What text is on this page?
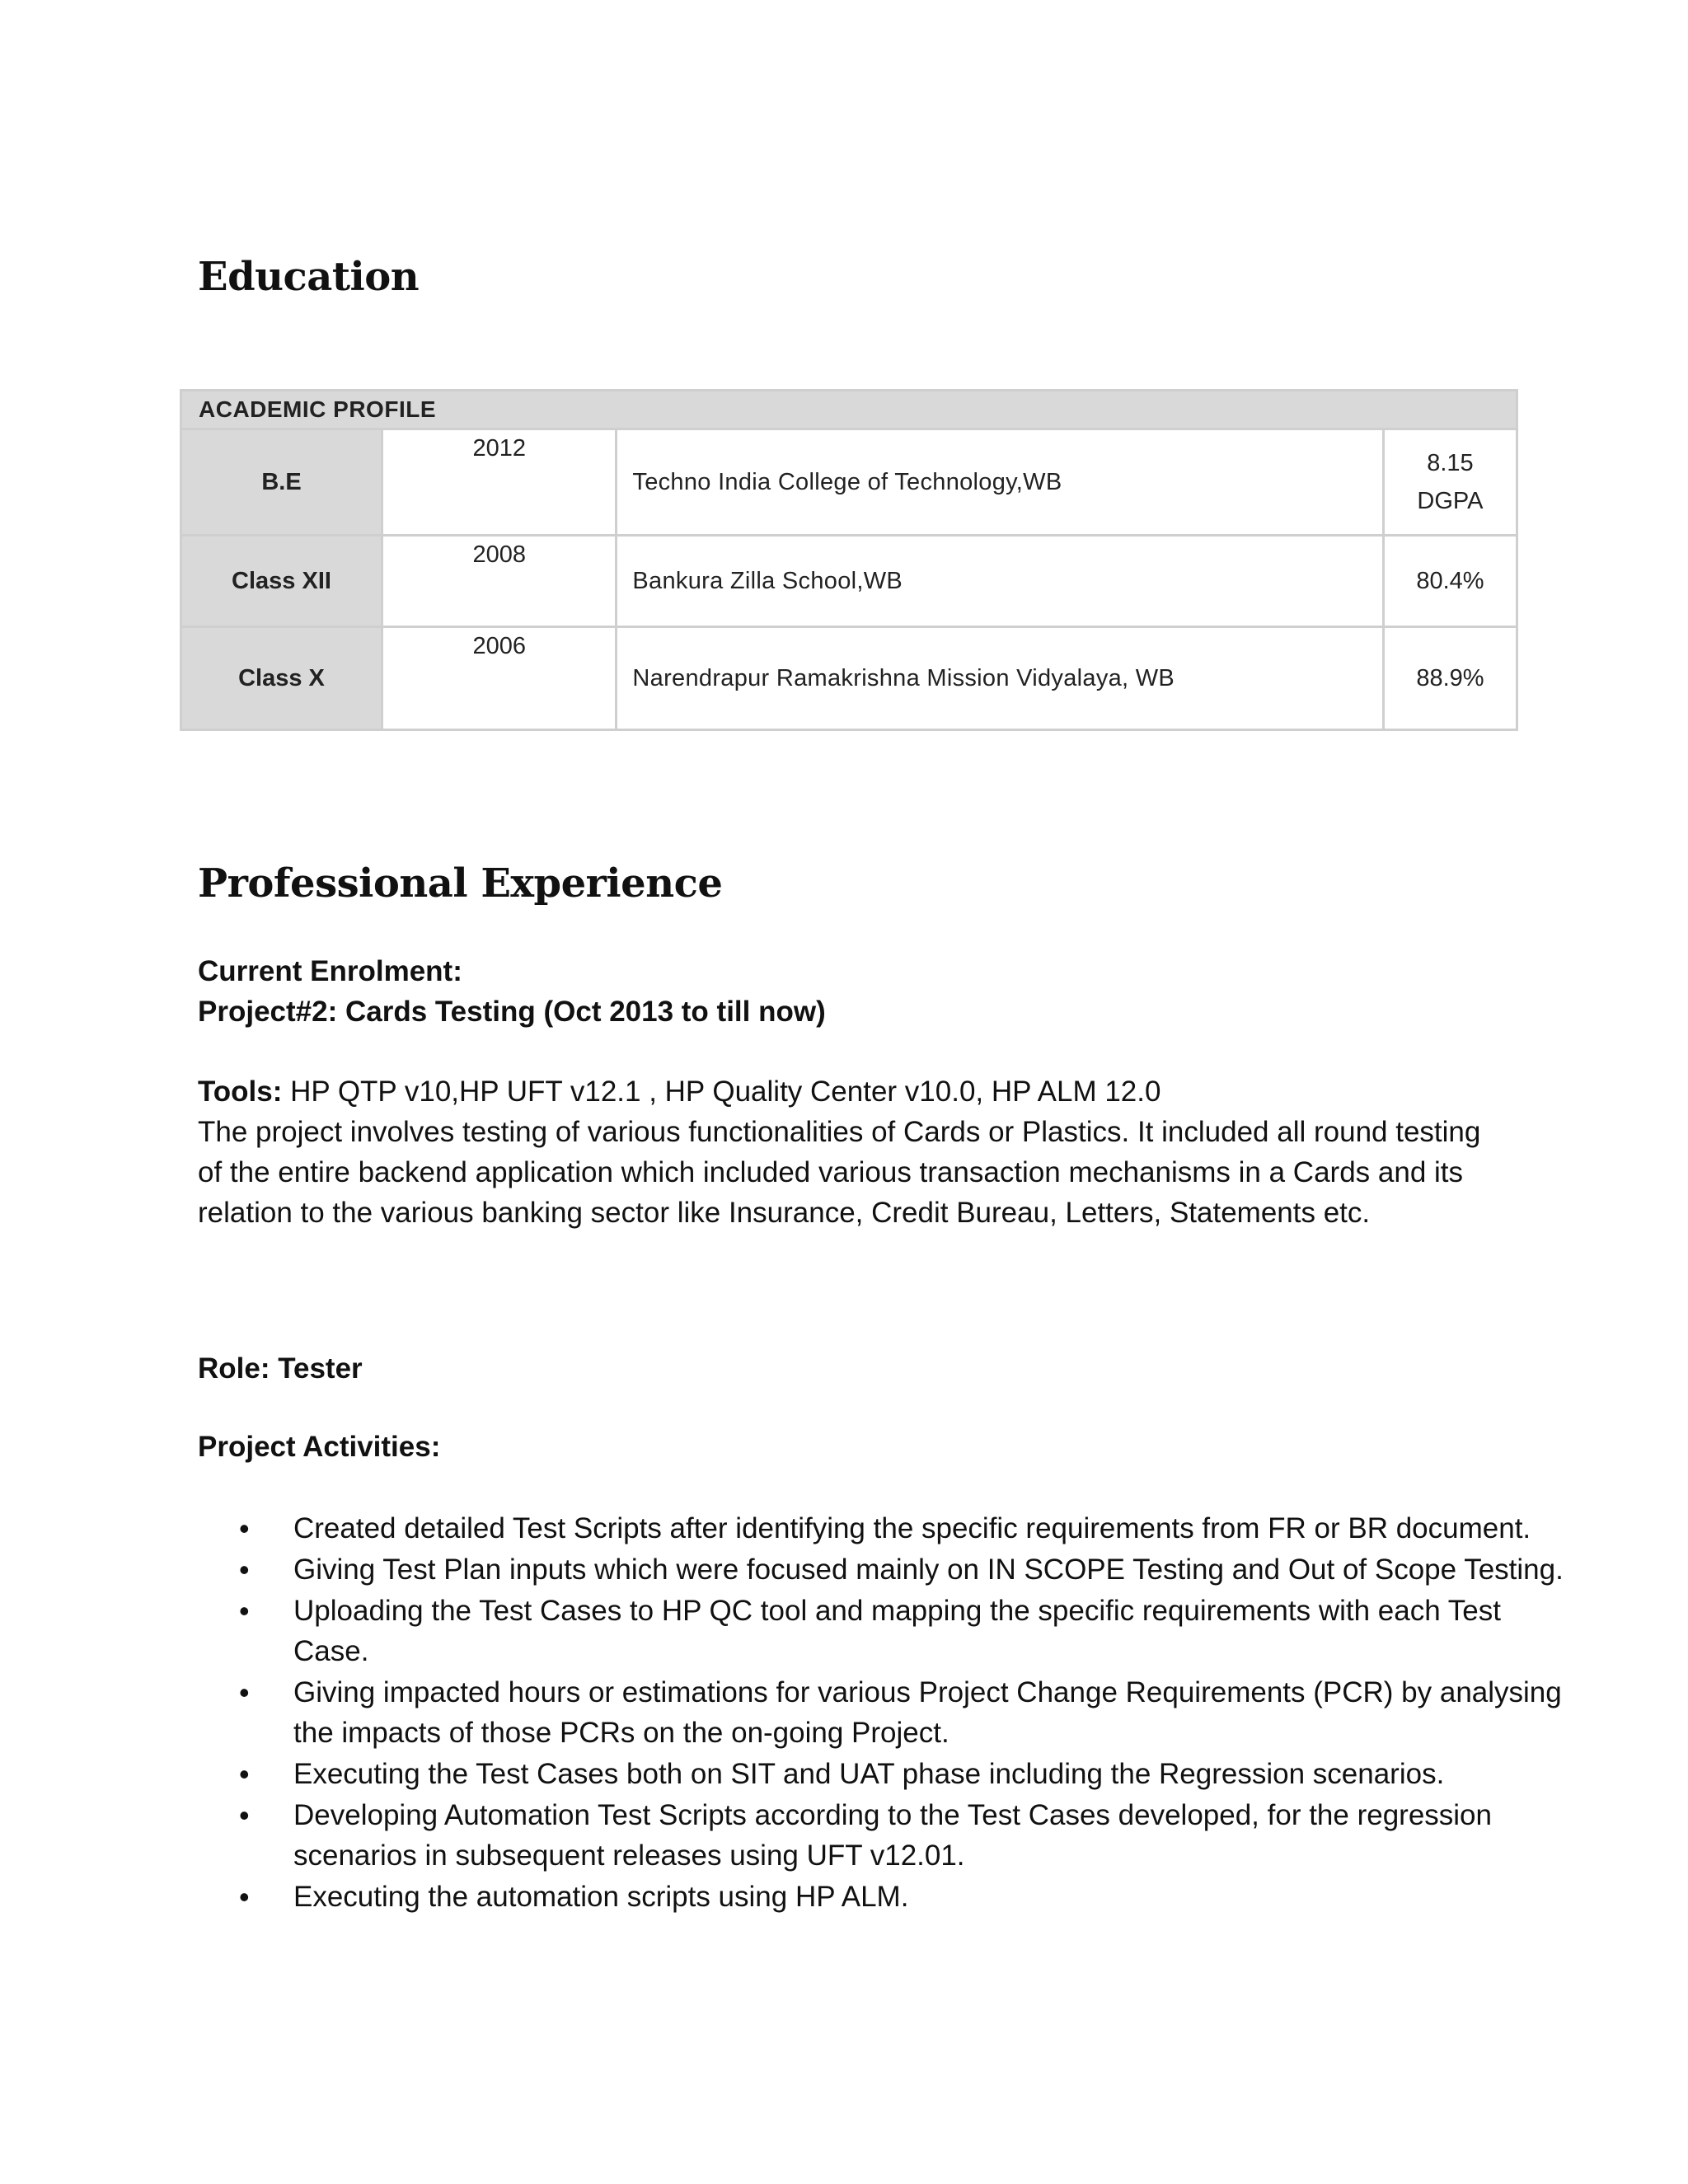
Education
ACADEMIC PROFILE			
B.E	2012	Techno India College of Technology,WB	8.15
DGPA

Class XII	2008	Bankura Zilla School,WB	80.4%
Class X	2006	Narendrapur Ramakrishna Mission Vidyalaya, WB	88.9%
Professional Experience
Current Enrolment:
Project#2: Cards Testing (Oct 2013 to till now)
Tools: HP QTP v10,HP UFT v12.1 , HP Quality Center v10.0, HP ALM 12.0
The project involves testing of various functionalities of Cards or Plastics. It included all round testing of the entire backend application which included various transaction mechanisms in a Cards and its relation to the various banking sector like Insurance, Credit Bureau, Letters, Statements etc.
Role: Tester
Project Activities:
• Created detailed Test Scripts after identifying the specific requirements from FR or BR document.
• Giving Test Plan inputs which were focused mainly on IN SCOPE Testing and Out of Scope Testing.
• Uploading the Test Cases to HP QC tool and mapping the specific requirements with each Test Case.
• Giving impacted hours or estimations for various Project Change Requirements (PCR) by analysing the impacts of those PCRs on the on-going Project.
• Executing the Test Cases both on SIT and UAT phase including the Regression scenarios.
• Developing Automation Test Scripts according to the Test Cases developed, for the regression scenarios in subsequent releases using UFT v12.01.
• Executing the automation scripts using HP ALM.
